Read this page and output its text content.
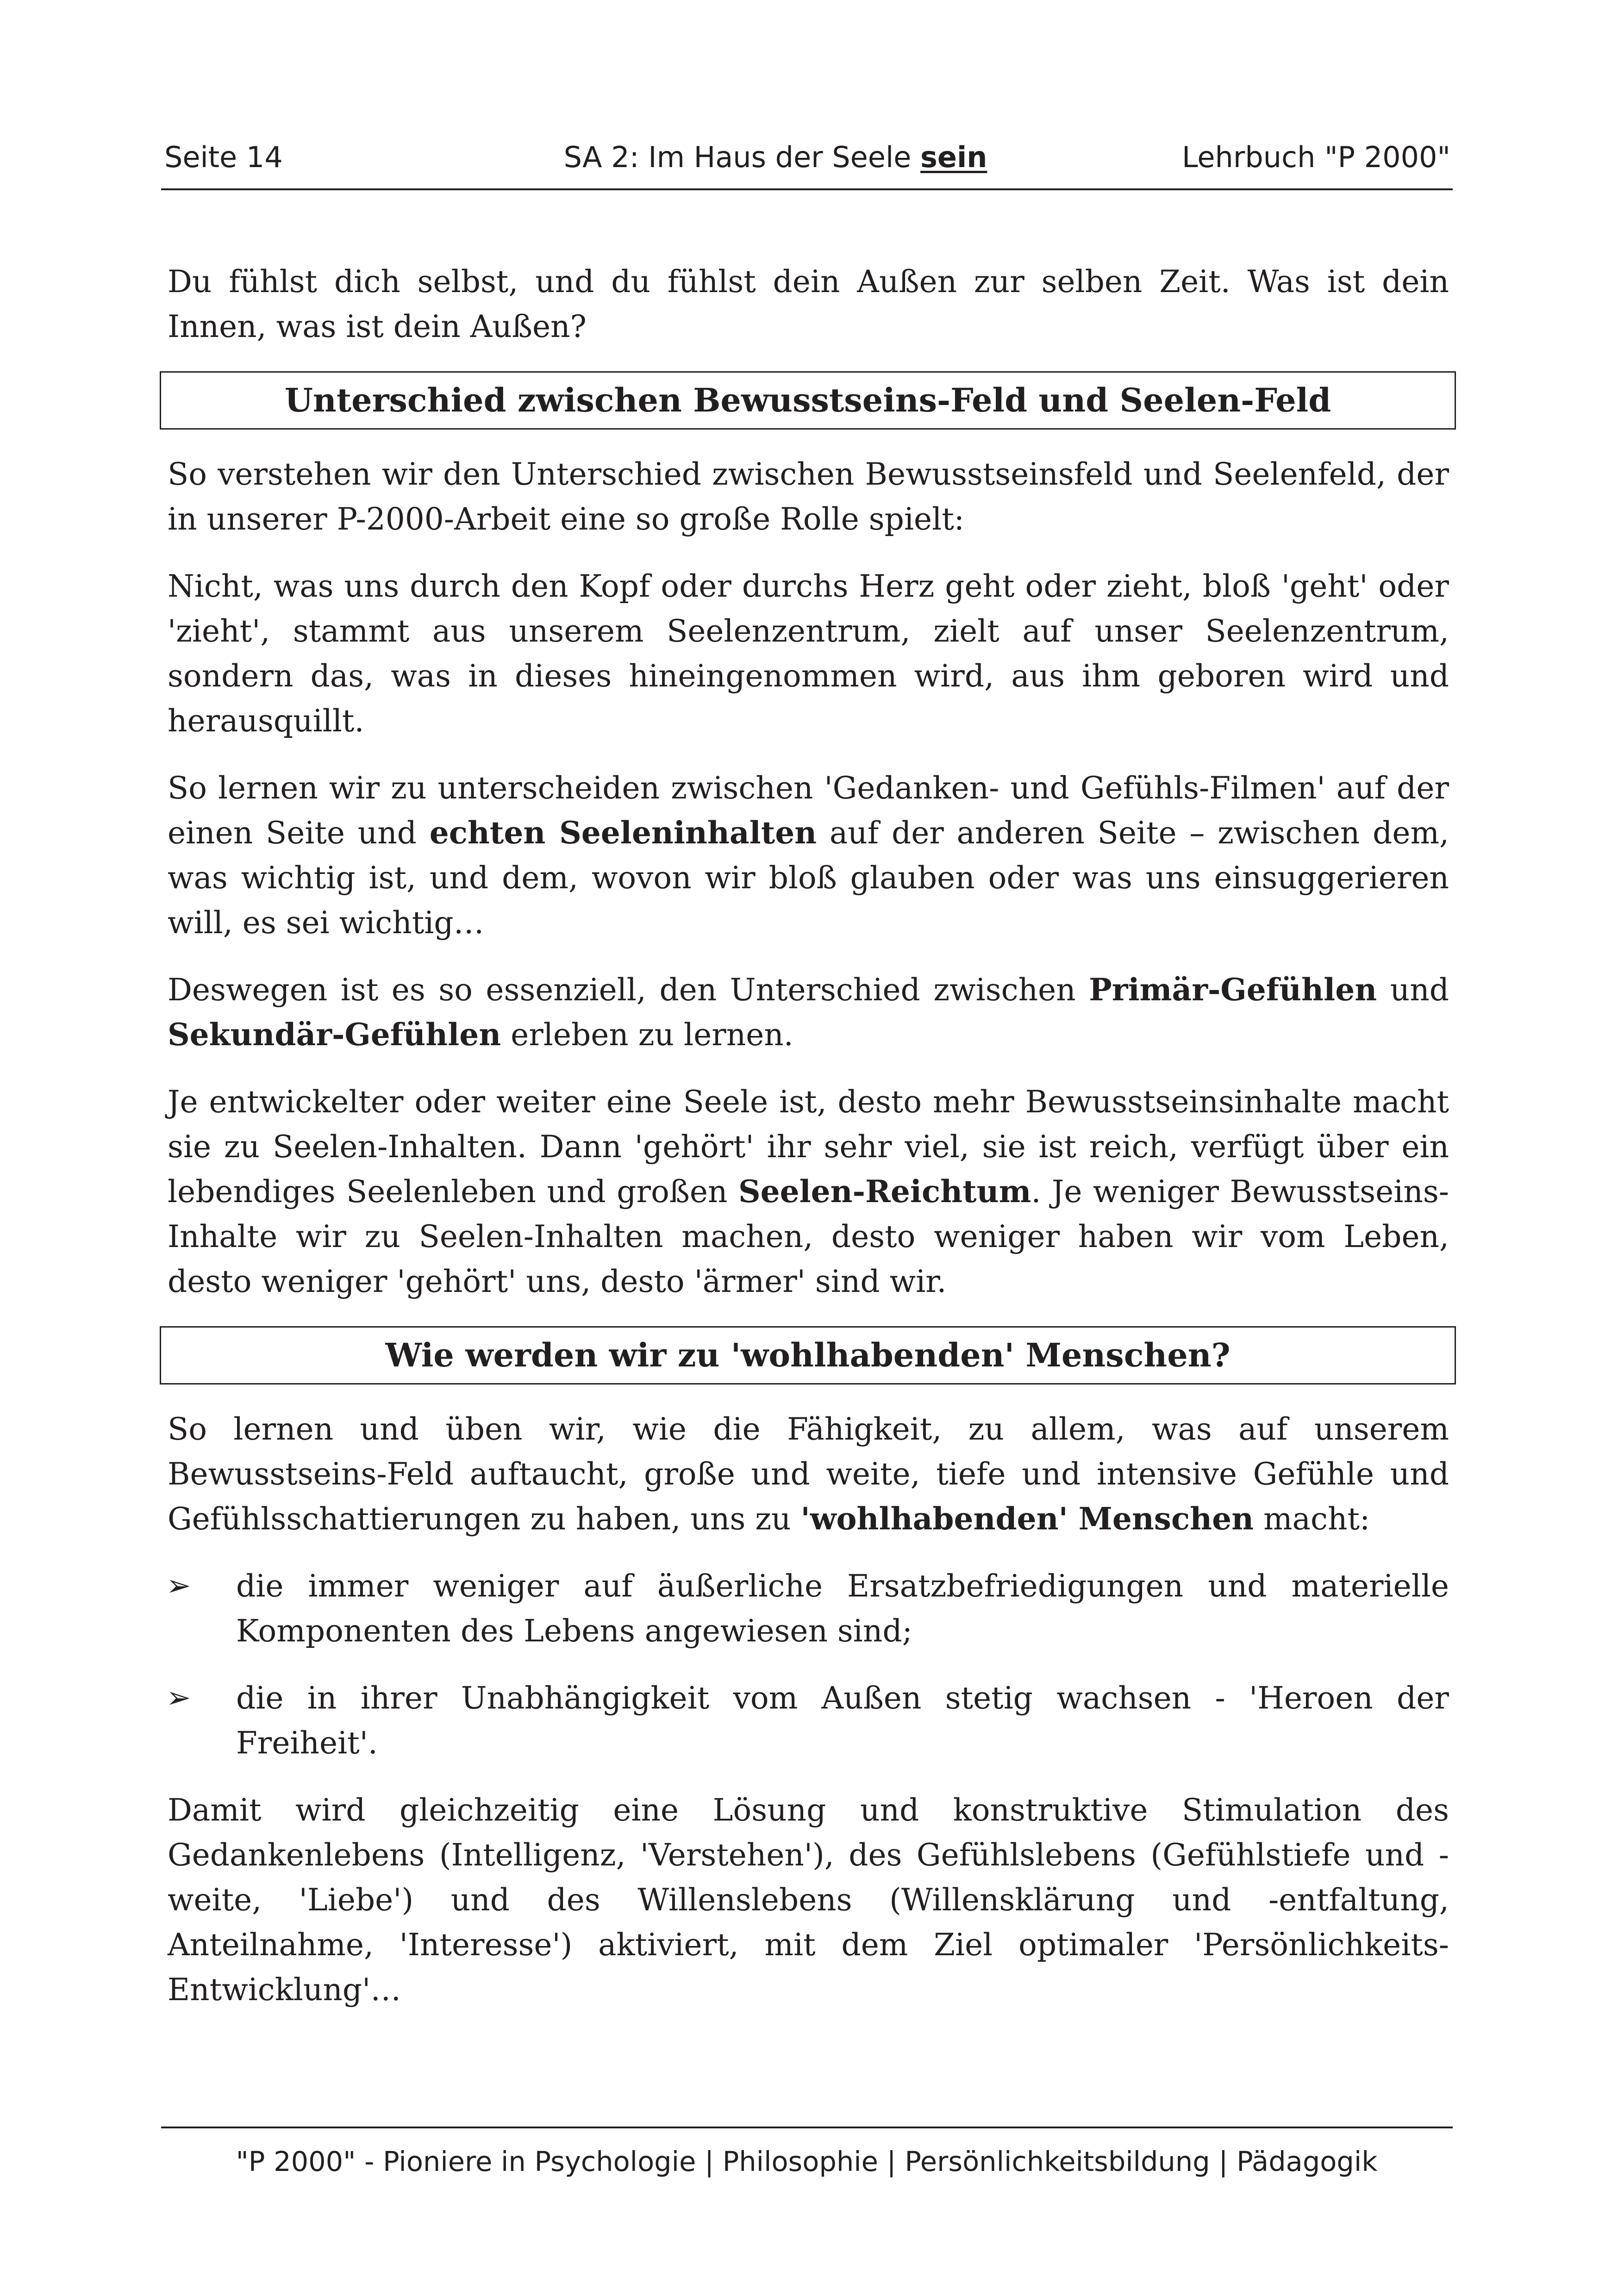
Seite 14	SA 2: Im Haus der Seele sein	Lehrbuch "P 2000"

Du fühlst dich selbst, und du fühlst dein Außen zur selben Zeit. Was ist dein Innen, was ist dein Außen?

Unterschied zwischen Bewusstseins-Feld und Seelen-Feld

So verstehen wir den Unterschied zwischen Bewusstseinsfeld und Seelenfeld, der in unserer P-2000-Arbeit eine so große Rolle spielt:

Nicht, was uns durch den Kopf oder durchs Herz geht oder zieht, bloß 'geht' oder 'zieht', stammt aus unserem Seelenzentrum, zielt auf unser Seelenzentrum, sondern das, was in dieses hineingenommen wird, aus ihm geboren wird und herausquillt.

So lernen wir zu unterscheiden zwischen 'Gedanken- und Gefühls-Filmen' auf der einen Seite und echten Seeleninhalten auf der anderen Seite – zwischen dem, was wichtig ist, und dem, wovon wir bloß glauben oder was uns einsuggerieren will, es sei wichtig…

Deswegen ist es so essenziell, den Unterschied zwischen Primär-Gefühlen und Sekundär-Gefühlen erleben zu lernen.

Je entwickelter oder weiter eine Seele ist, desto mehr Bewusstseinsinhalte macht sie zu Seelen-Inhalten. Dann 'gehört' ihr sehr viel, sie ist reich, verfügt über ein lebendiges Seelenleben und großen Seelen-Reichtum. Je weniger Bewusstseins-Inhalte wir zu Seelen-Inhalten machen, desto weniger haben wir vom Leben, desto weniger 'gehört' uns, desto 'ärmer' sind wir.

Wie werden wir zu 'wohlhabenden' Menschen?

So lernen und üben wir, wie die Fähigkeit, zu allem, was auf unserem Bewusstseins-Feld auftaucht, große und weite, tiefe und intensive Gefühle und Gefühlsschattierungen zu haben, uns zu 'wohlhabenden' Menschen macht:

➢ die immer weniger auf äußerliche Ersatzbefriedigungen und materielle Komponenten des Lebens angewiesen sind;
➢ die in ihrer Unabhängigkeit vom Außen stetig wachsen - 'Heroen der Freiheit'.

Damit wird gleichzeitig eine Lösung und konstruktive Stimulation des Gedankenlebens (Intelligenz, 'Verstehen'), des Gefühlslebens (Gefühlstiefe und -weite, 'Liebe') und des Willenslebens (Willensklärung und -entfaltung, Anteilnahme, 'Interesse') aktiviert, mit dem Ziel optimaler 'Persönlichkeits-Entwicklung'…

"P 2000" - Pioniere in Psychologie | Philosophie | Persönlichkeitsbildung | Pädagogik
